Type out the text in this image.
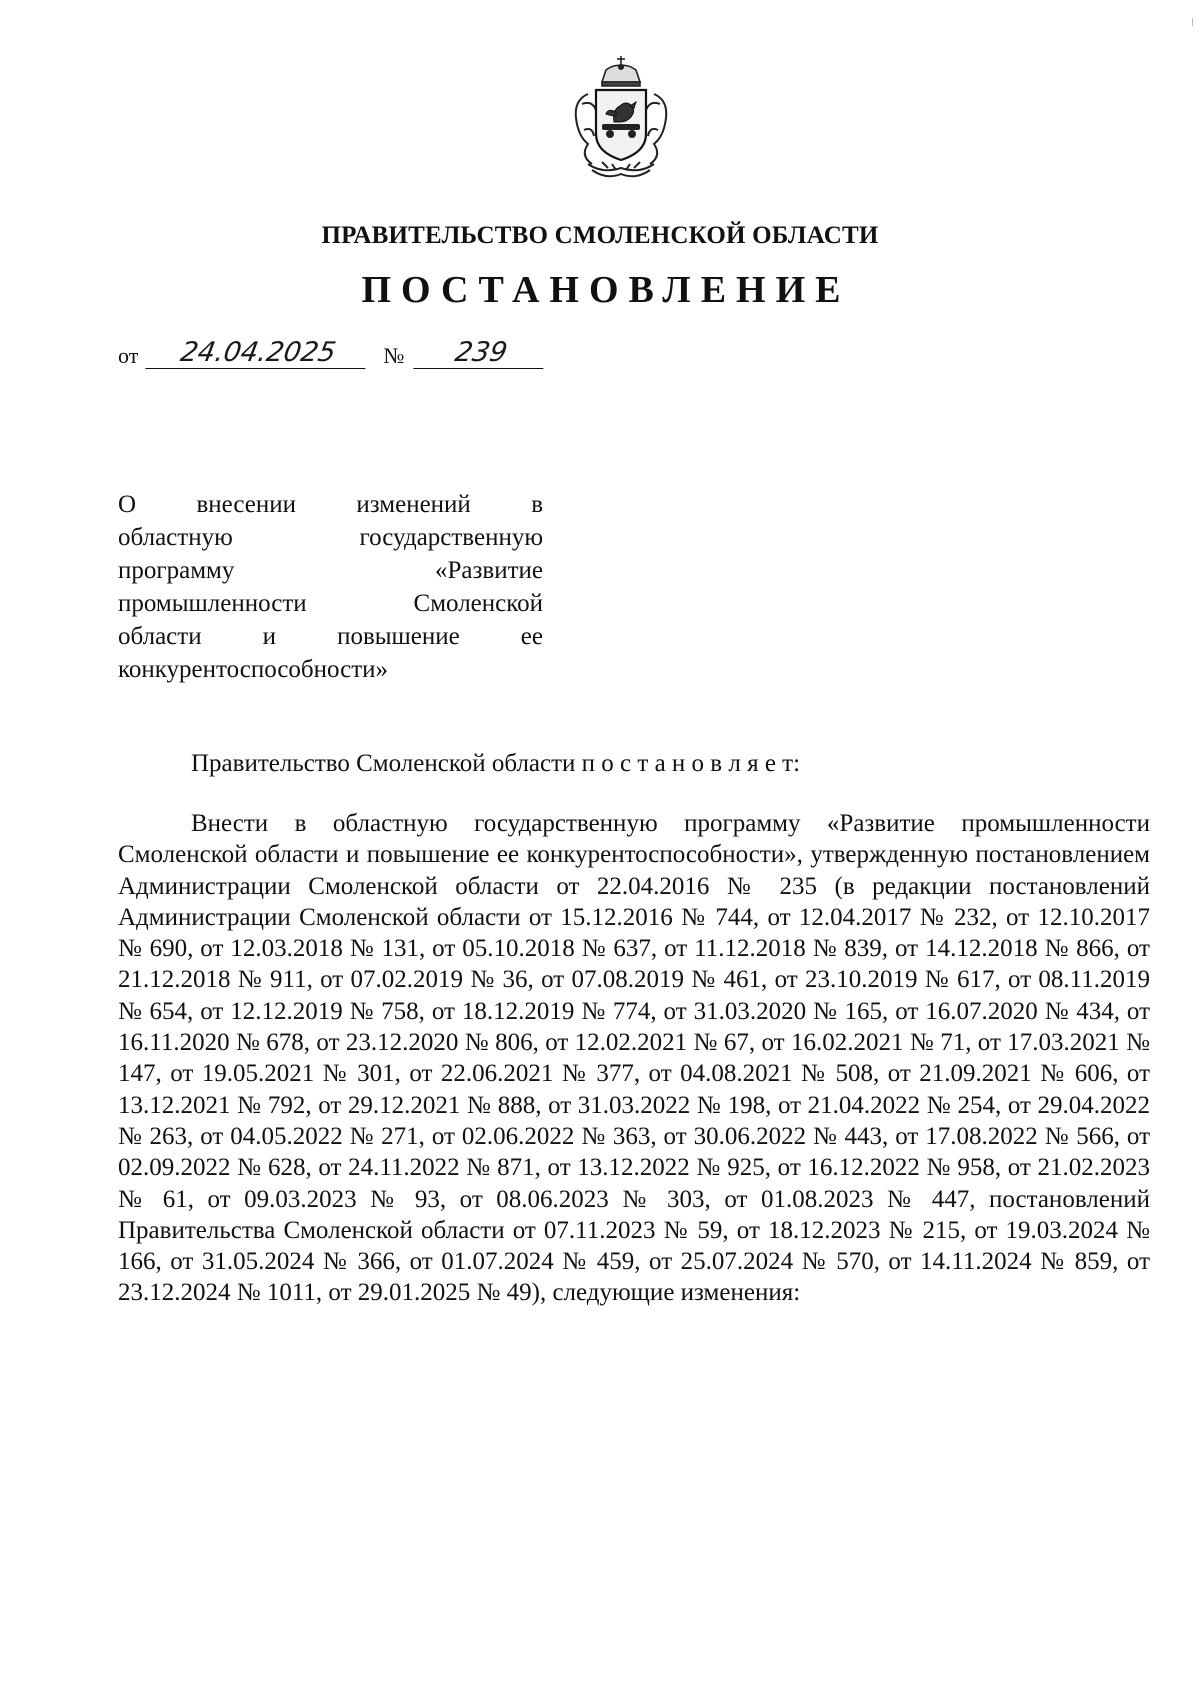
ПРАВИТЕЛЬСТВО СМОЛЕНСКОЙ ОБЛАСТИ
ПОСТАНОВЛЕНИЕ
от 24.04.2025 № 239
О внесении изменений в
областную государственную
программу «Развитие
промышленности Смоленской
области и повышение ее
конкурентоспособности»
Правительство Смоленской области п о с т а н о в л я е т:
Внести в областную государственную программу «Развитие промышленности Смоленской области и повышение ее конкурентоспособности», утвержденную постановлением Администрации Смоленской области от 22.04.2016 № 235 (в редакции постановлений Администрации Смоленской области от 15.12.2016 № 744, от 12.04.2017 № 232, от 12.10.2017 № 690, от 12.03.2018 № 131, от 05.10.2018 № 637, от 11.12.2018 № 839, от 14.12.2018 № 866, от 21.12.2018 № 911, от 07.02.2019 № 36, от 07.08.2019 № 461, от 23.10.2019 № 617, от 08.11.2019 № 654, от 12.12.2019 № 758, от 18.12.2019 № 774, от 31.03.2020 № 165, от 16.07.2020 № 434, от 16.11.2020 № 678, от 23.12.2020 № 806, от 12.02.2021 № 67, от 16.02.2021 № 71, от 17.03.2021 № 147, от 19.05.2021 № 301, от 22.06.2021 № 377, от 04.08.2021 № 508, от 21.09.2021 № 606, от 13.12.2021 № 792, от 29.12.2021 № 888, от 31.03.2022 № 198, от 21.04.2022 № 254, от 29.04.2022 № 263, от 04.05.2022 № 271, от 02.06.2022 № 363, от 30.06.2022 № 443, от 17.08.2022 № 566, от 02.09.2022 № 628, от 24.11.2022 № 871, от 13.12.2022 № 925, от 16.12.2022 № 958, от 21.02.2023 № 61, от 09.03.2023 № 93, от 08.06.2023 № 303, от 01.08.2023 № 447, постановлений Правительства Смоленской области от 07.11.2023 № 59, от 18.12.2023 № 215, от 19.03.2024 № 166, от 31.05.2024 № 366, от 01.07.2024 № 459, от 25.07.2024 № 570, от 14.11.2024 № 859, от 23.12.2024 № 1011, от 29.01.2025 № 49), следующие изменения:
